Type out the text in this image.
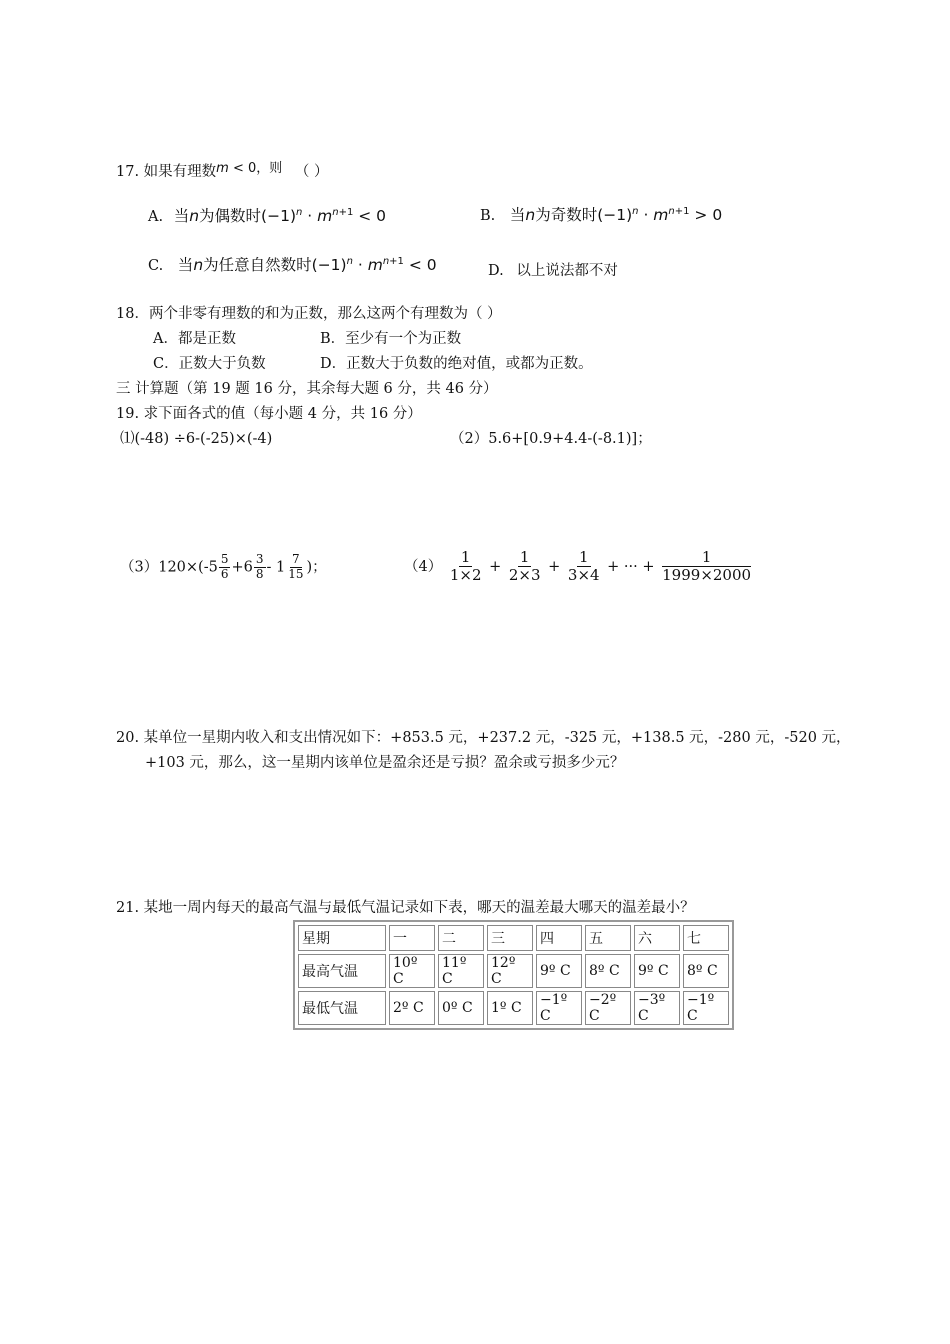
17. 如果有理数m < 0，则 （ ）
A. 当n为偶数时$(-1)^n \cdot m^{n+1} < 0$	B. 当n为奇数时$(-1)^n \cdot m^{n+1} > 0$
C. 当n为任意自然数时$(-1)^n \cdot m^{n+1} < 0$	D. 以上说法都不对
18．两个非零有理数的和为正数，那么这两个有理数为（ ）
A．都是正数	B．至少有一个为正数
C．正数大于负数	D．正数大于负数的绝对值，或都为正数。
三 计算题（第 19 题 16 分，其余每大题 6 分，共 46 分）
19. 求下面各式的值（每小题 4 分，共 16 分）
⑴(-48) ÷6-(-25)×(-4)	（2）5.6+[0.9+4.4-(-8.1)]；
$(3)120\times(-5 \frac{5}{6} +6 \frac{3}{8} - 1 \frac{7}{15}$ )；	$(4) \frac{1}{1\times 2} + \frac{1}{2\times 3} + \frac{1}{3\times 4}$ + ··· + $\frac{1}{1999\times 2000}$
20. 某单位一星期内收入和支出情况如下：+853.5 元，+237.2 元，-325 元，+138.5 元，-280 元，-520 元，
+103 元，那么，这一星期内该单位是盈余还是亏损？盈余或亏损多少元？
21. 某地一周内每天的最高气温与最低气温记录如下表，哪天的温差最大哪天的温差最小？
星期	一	二	三	四	五	六	七
最高气温	10º C	11º C	12º C	9º C	8º C	9º C	8º C
最低气温	2º C	0º C	1º C	−1º C	−2º C	−3º C	−1º C
